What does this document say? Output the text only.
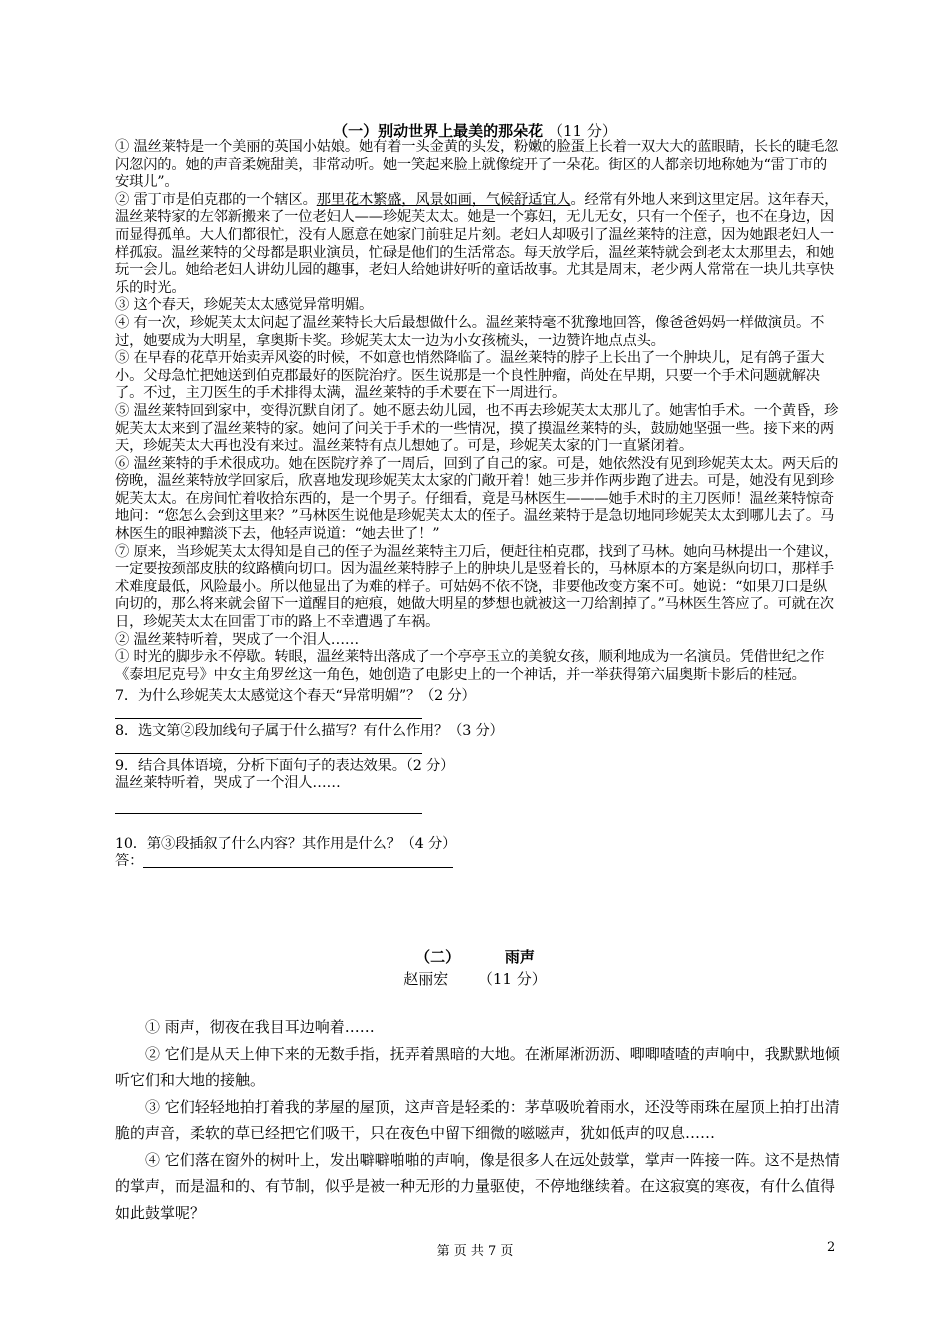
（一）别动世界上最美的那朵花 （11 分）

① 温丝莱特是一个美丽的英国小姑娘。她有着一头金黄的头发，粉嫩的脸蛋上长着一双大大的蓝眼睛，长长的睫毛忽闪忽闪的。她的声音柔婉甜美，非常动听。她一笑起来脸上就像绽开了一朵花。街区的人都亲切地称她为“雷丁市的安琪儿”。

② 雷丁市是伯克郡的一个辖区。那里花木繁盛，风景如画，气候舒适宜人。经常有外地人来到这里定居。这年春天，温丝莱特家的左邻新搬来了一位老妇人——珍妮芙太太。她是一个寡妇，无儿无女，只有一个侄子，也不在身边，因而显得孤单。大人们都很忙，没有人愿意在她家门前驻足片刻。老妇人却吸引了温丝莱特的注意，因为她跟老妇人一样孤寂。温丝莱特的父母都是职业演员，忙碌是他们的生活常态。每天放学后，温丝莱特就会到老太太那里去，和她玩一会儿。她给老妇人讲幼儿园的趣事，老妇人给她讲好听的童话故事。尤其是周末，老少两人常常在一块儿共享快乐的时光。

③ 这个春天，珍妮芙太太感觉异常明媚。

④ 有一次，珍妮芙太太问起了温丝莱特长大后最想做什么。温丝莱特毫不犹豫地回答，像爸爸妈妈一样做演员。不过，她要成为大明星，拿奥斯卡奖。珍妮芙太太一边为小女孩梳头，一边赞许地点点头。

⑤ 在早春的花草开始卖弄风姿的时候，不如意也悄然降临了。温丝莱特的脖子上长出了一个肿块儿，足有鸽子蛋大小。父母急忙把她送到伯克郡最好的医院治疗。医生说那是一个良性肿瘤，尚处在早期，只要一个手术问题就解决了。不过，主刀医生的手术排得太满，温丝莱特的手术要在下一周进行。

⑤ 温丝莱特回到家中，变得沉默自闭了。她不愿去幼儿园，也不再去珍妮芙太太那儿了。她害怕手术。一个黄昏，珍妮芙太太来到了温丝莱特的家。她问了问关于手术的一些情况，摸了摸温丝莱特的头，鼓励她坚强一些。接下来的两天，珍妮芙太大再也没有来过。温丝莱特有点儿想她了。可是，珍妮芙太家的门一直紧闭着。

⑥ 温丝莱特的手术很成功。她在医院疗养了一周后，回到了自己的家。可是，她依然没有见到珍妮芙太太。两天后的傍晚，温丝莱特放学回家后，欣喜地发现珍妮芙太太家的门敞开着！她三步并作两步跑了进去。可是，她没有见到珍妮芙太太。在房间忙着收拾东西的，是一个男子。仔细看，竟是马林医生———她手术时的主刀医师！温丝莱特惊奇地问：“您怎么会到这里来？”马林医生说他是珍妮芙太太的侄子。温丝莱特于是急切地同珍妮芙太太到哪儿去了。马林医生的眼神黯淡下去，他轻声说道：“她去世了！”

⑦ 原来，当珍妮芙太太得知是自己的侄子为温丝莱特主刀后，便赶往柏克郡，找到了马林。她向马林提出一个建议，一定要按颈部皮肤的纹路横向切口。因为温丝莱特脖子上的肿块儿是竖着长的，马林原本的方案是纵向切口，那样手术难度最低，风险最小。所以他显出了为难的样子。可姑妈不依不饶，非要他改变方案不可。她说：“如果刀口是纵向切的，那么将来就会留下一道醒目的疤痕，她做大明星的梦想也就被这一刀给割掉了。”马林医生答应了。可就在次日，珍妮芙太太在回雷丁市的路上不幸遭遇了车祸。

② 温丝莱特听着，哭成了一个泪人……

① 时光的脚步永不停歇。转眼，温丝莱特出落成了一个亭亭玉立的美貌女孩，顺利地成为一名演员。凭借世纪之作《泰坦尼克号》中女主角罗丝这一角色，她创造了电影史上的一个神话，并一举获得第六届奥斯卡影后的桂冠。

7．为什么珍妮芙太太感觉这个春天“异常明媚”？（2 分）

8．选文第②段加线句子属于什么描写？有什么作用？（3 分）

9．结合具体语境，分析下面句子的表达效果。（2 分）

温丝莱特听着，哭成了一个泪人……

10．第③段插叙了什么内容？其作用是什么？（4 分）

答：
（二）	雨声
赵丽宏 （11 分）

① 雨声，彻夜在我目耳边响着……

② 它们是从天上伸下来的无数手指，抚弄着黑暗的大地。在淅犀淅沥沥、唧唧喳喳的声响中，我默默地倾听它们和大地的接触。

③ 它们轻轻地拍打着我的茅屋的屋顶，这声音是轻柔的：茅草吸吮着雨水，还没等雨珠在屋顶上拍打出清脆的声音，柔软的草已经把它们吸干，只在夜色中留下细微的嗞嗞声，犹如低声的叹息……

④ 它们落在窗外的树叶上，发出噼噼啪啪的声响，像是很多人在远处鼓掌，掌声一阵接一阵。这不是热情的掌声，而是温和的、有节制，似乎是被一种无形的力量驱使，不停地继续着。在这寂寞的寒夜，有什么值得如此鼓掌呢？

第 页 共 7 页	2
